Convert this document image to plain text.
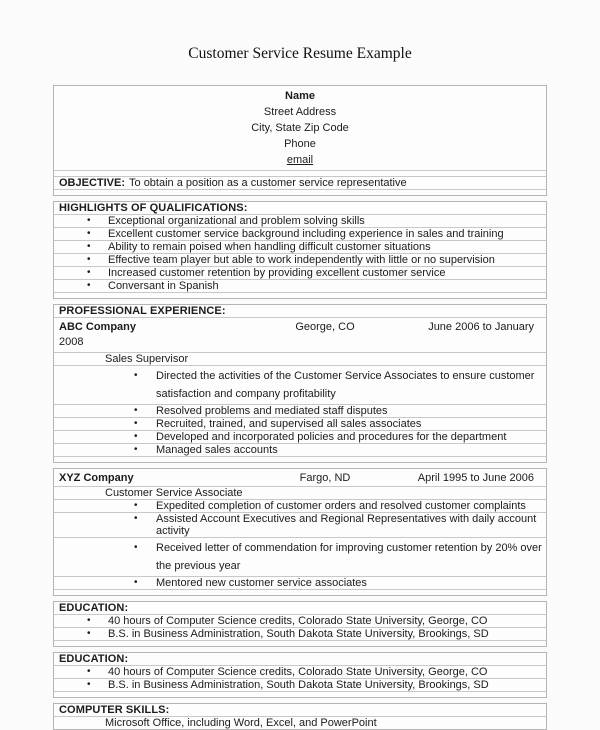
Customer Service Resume Example
Name
Street Address
City, State Zip Code
Phone
email
OBJECTIVE: To obtain a position as a customer service representative
HIGHLIGHTS OF QUALIFICATIONS:
•	Exceptional organizational and problem solving skills
•	Excellent customer service background including experience in sales and training
•	Ability to remain poised when handling difficult customer situations
•	Effective team player but able to work independently with little or no supervision
•	Increased customer retention by providing excellent customer service
•	Conversant in Spanish
PROFESSIONAL EXPERIENCE:
ABC Company	George, CO	June 2006 to January
2008
Sales Supervisor
•	Directed the activities of the Customer Service Associates to ensure customer satisfaction and company profitability
•	Resolved problems and mediated staff disputes
•	Recruited, trained, and supervised all sales associates
•	Developed and incorporated policies and procedures for the department
•	Managed sales accounts
XYZ Company	Fargo, ND	April 1995 to June 2006
Customer Service Associate
•	Expedited completion of customer orders and resolved customer complaints
•	Assisted Account Executives and Regional Representatives with daily account activity
•	Received letter of commendation for improving customer retention by 20% over the previous year
•	Mentored new customer service associates
EDUCATION:
•	40 hours of Computer Science credits, Colorado State University, George, CO
•	B.S. in Business Administration, South Dakota State University, Brookings, SD
EDUCATION:
•	40 hours of Computer Science credits, Colorado State University, George, CO
•	B.S. in Business Administration, South Dakota State University, Brookings, SD
COMPUTER SKILLS:
Microsoft Office, including Word, Excel, and PowerPoint
